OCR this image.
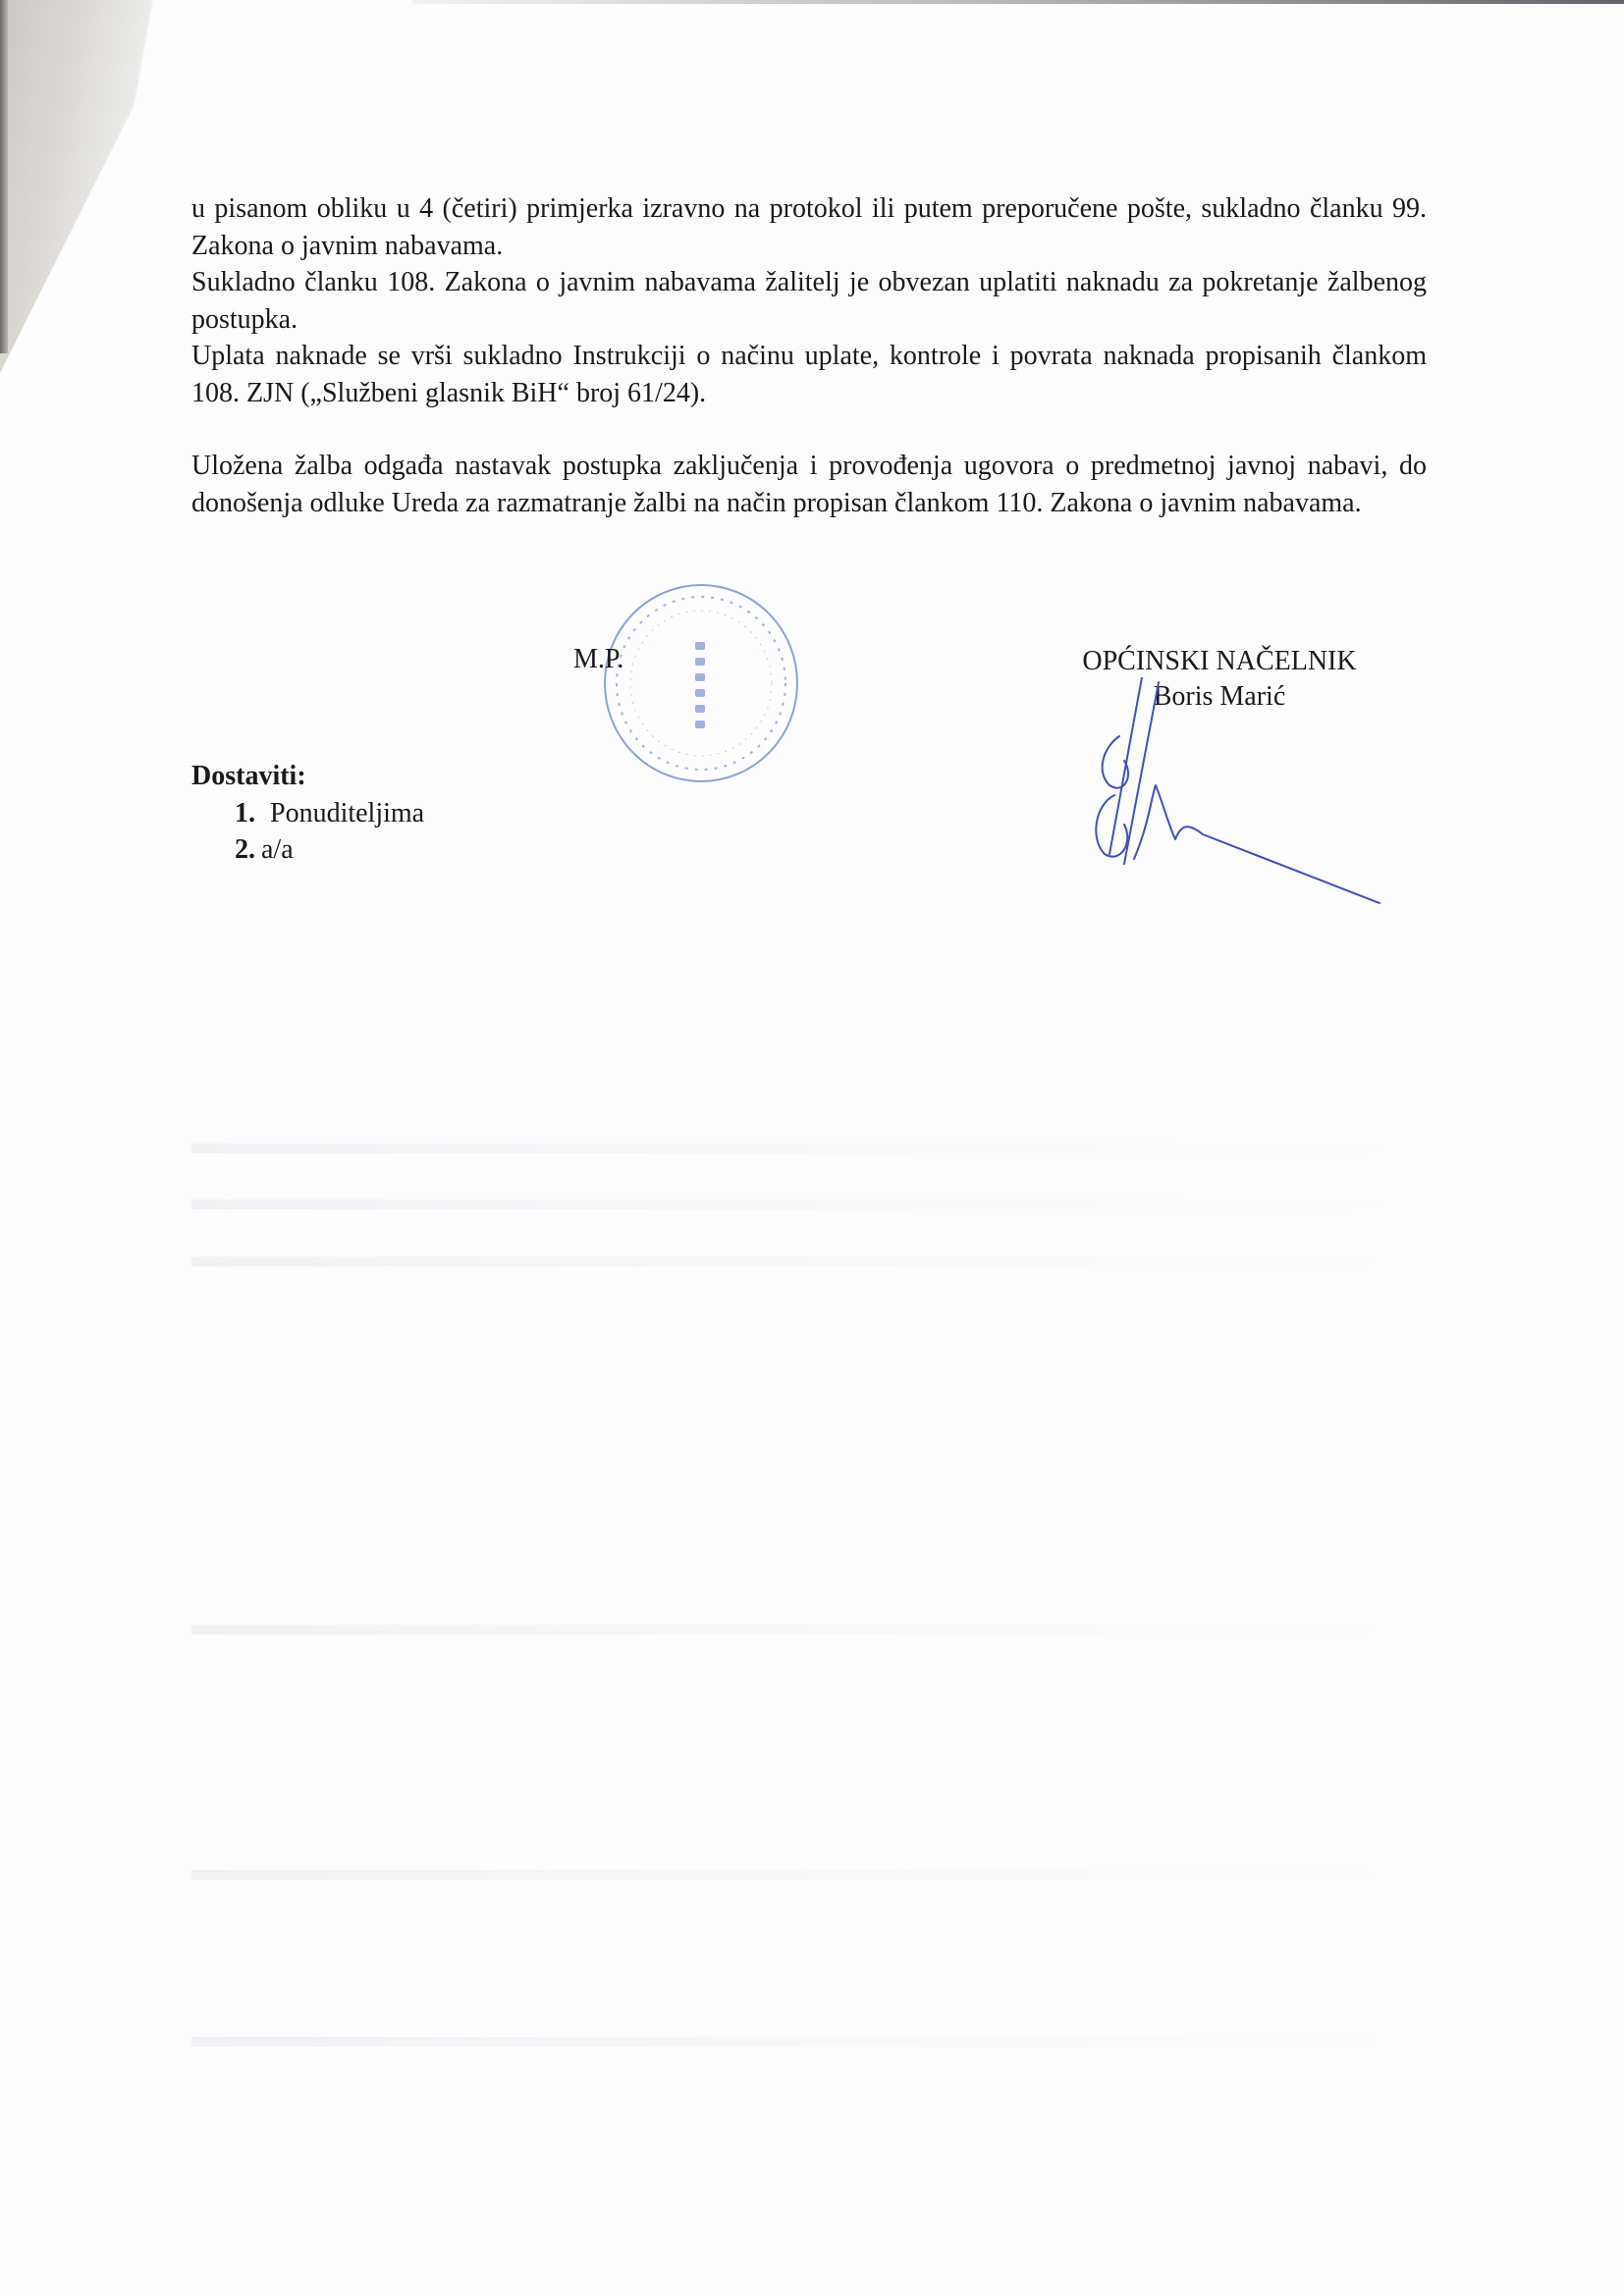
u pisanom obliku u 4 (četiri) primjerka izravno na protokol ili putem preporučene pošte, sukladno članku 99. Zakona o javnim nabavama.

Sukladno članku 108. Zakona o javnim nabavama žalitelj je obvezan uplatiti naknadu za pokretanje žalbenog postupka.

Uplata naknade se vrši sukladno Instrukciji o načinu uplate, kontrole i povrata naknada propisanih člankom 108. ZJN („Službeni glasnik BiH“ broj 61/24).

Uložena žalba odgađa nastavak postupka zaključenja i provođenja ugovora o predmetnoj javnoj nabavi, do donošenja odluke Ureda za razmatranje žalbi na način propisan člankom 110. Zakona o javnim nabavama.

M.P.	OPĆINSKI NAČELNIK
Boris Marić
Dostaviti:
1. Ponuditeljima
2. a/a
